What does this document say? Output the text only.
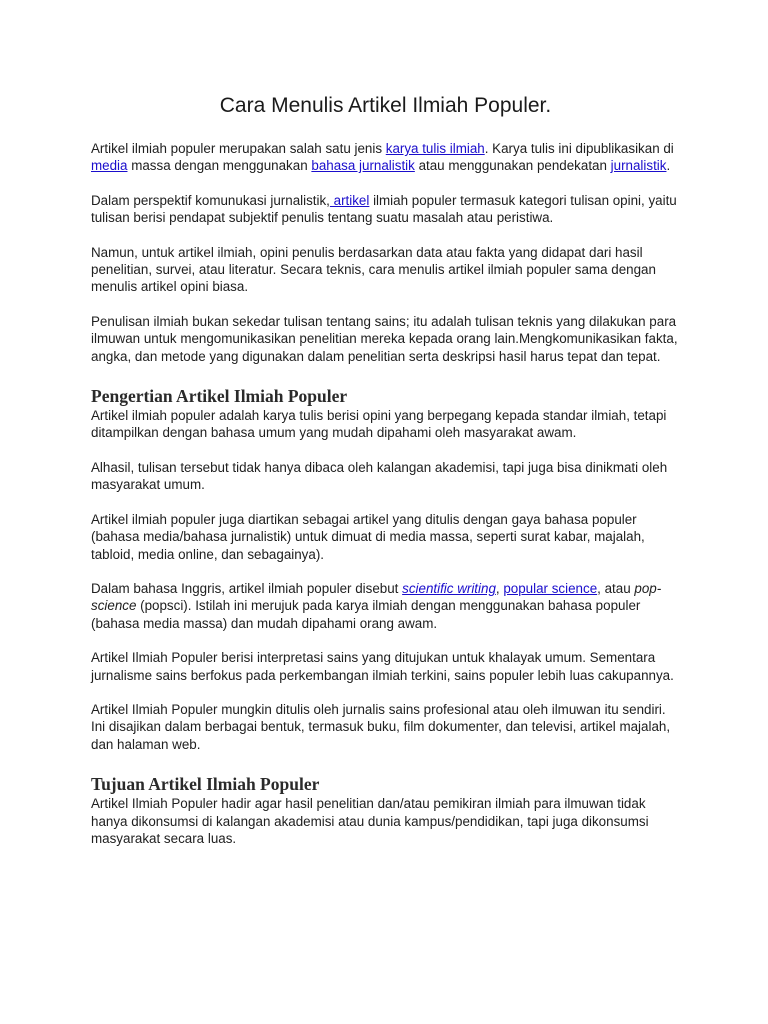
Cara Menulis Artikel Ilmiah Populer.

Artikel ilmiah populer merupakan salah satu jenis karya tulis ilmiah. Karya tulis ini dipublikasikan di media massa dengan menggunakan bahasa jurnalistik atau menggunakan pendekatan jurnalistik.

Dalam perspektif komunukasi jurnalistik, artikel ilmiah populer termasuk kategori tulisan opini, yaitu tulisan berisi pendapat subjektif penulis tentang suatu masalah atau peristiwa.

Namun, untuk artikel ilmiah, opini penulis berdasarkan data atau fakta yang didapat dari hasil penelitian, survei, atau literatur. Secara teknis, cara menulis artikel ilmiah populer sama dengan menulis artikel opini biasa.

Penulisan ilmiah bukan sekedar tulisan tentang sains; itu adalah tulisan teknis yang dilakukan para ilmuwan untuk mengomunikasikan penelitian mereka kepada orang lain.Mengkomunikasikan fakta, angka, dan metode yang digunakan dalam penelitian serta deskripsi hasil harus tepat dan tepat.

Pengertian Artikel Ilmiah Populer

Artikel ilmiah populer adalah karya tulis berisi opini yang berpegang kepada standar ilmiah, tetapi ditampilkan dengan bahasa umum yang mudah dipahami oleh masyarakat awam.

Alhasil, tulisan tersebut tidak hanya dibaca oleh kalangan akademisi, tapi juga bisa dinikmati oleh masyarakat umum.

Artikel ilmiah populer juga diartikan sebagai artikel yang ditulis dengan gaya bahasa populer (bahasa media/bahasa jurnalistik) untuk dimuat di media massa, seperti surat kabar, majalah, tabloid, media online, dan sebagainya).

Dalam bahasa Inggris, artikel ilmiah populer disebut scientific writing, popular science, atau pop-science (popsci). Istilah ini merujuk pada karya ilmiah dengan menggunakan bahasa populer (bahasa media massa) dan mudah dipahami orang awam.

Artikel Ilmiah Populer berisi interpretasi sains yang ditujukan untuk khalayak umum. Sementara jurnalisme sains berfokus pada perkembangan ilmiah terkini, sains populer lebih luas cakupannya.

Artikel Ilmiah Populer mungkin ditulis oleh jurnalis sains profesional atau oleh ilmuwan itu sendiri. Ini disajikan dalam berbagai bentuk, termasuk buku, film dokumenter, dan televisi, artikel majalah, dan halaman web.

Tujuan Artikel Ilmiah Populer

Artikel Ilmiah Populer hadir agar hasil penelitian dan/atau pemikiran ilmiah para ilmuwan tidak hanya dikonsumsi di kalangan akademisi atau dunia kampus/pendidikan, tapi juga dikonsumsi masyarakat secara luas.
